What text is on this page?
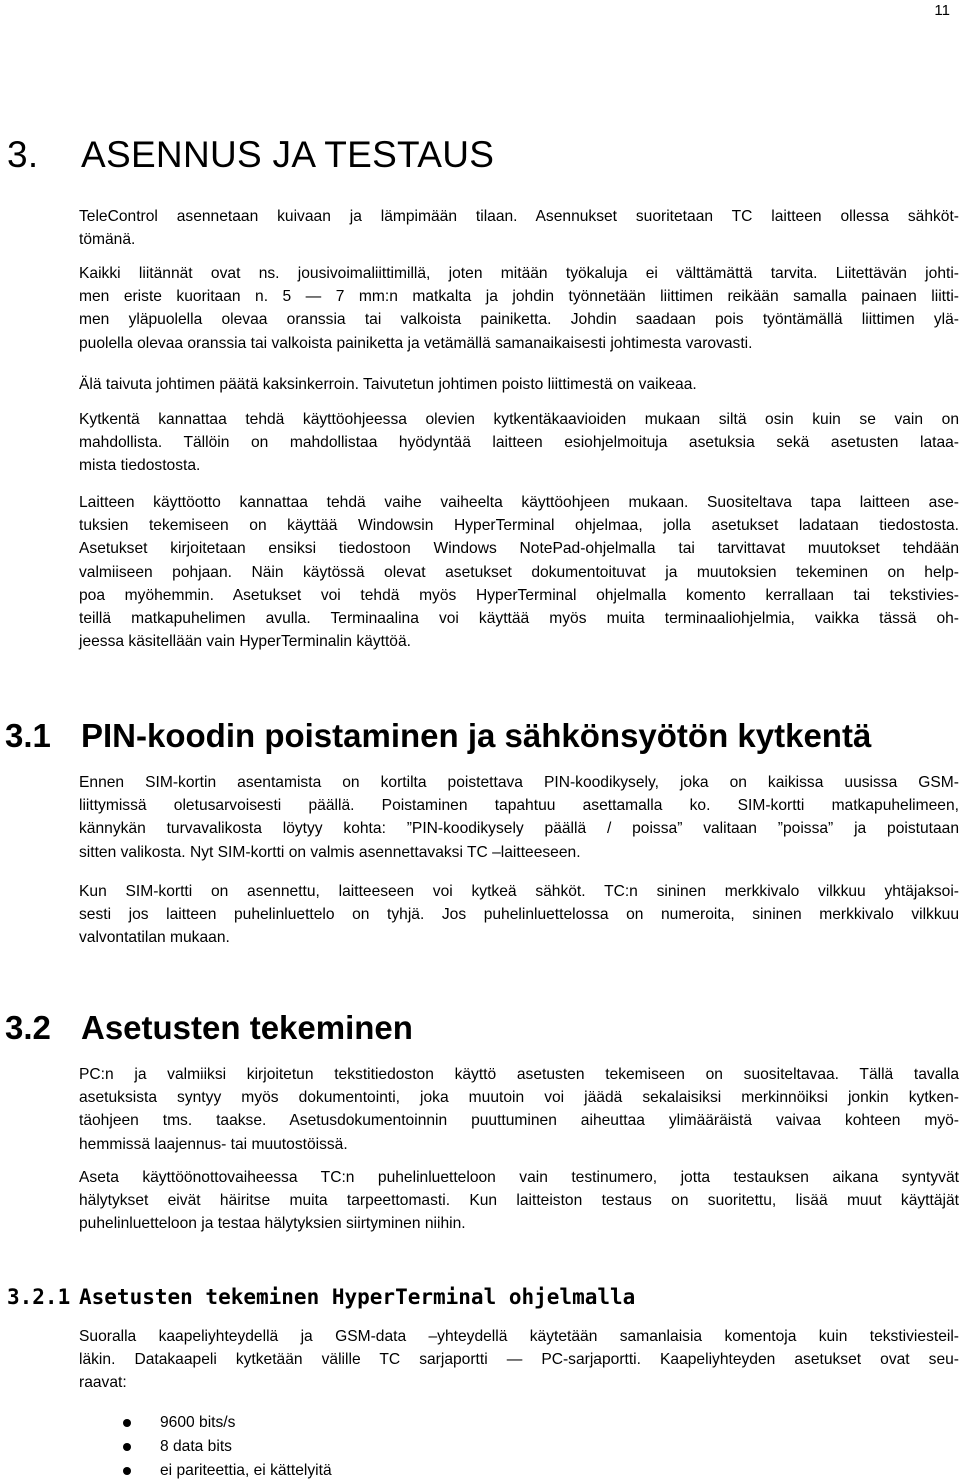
11
3. ASENNUS JA TESTAUS
TeleControl asennetaan kuivaan ja lämpimään tilaan. Asennukset suoritetaan TC laitteen ollessa sähköt-
tömänä.
Kaikki liitännät ovat ns. jousivoimaliittimillä, joten mitään työkaluja ei välttämättä tarvita. Liitettävän johti-
men eriste kuoritaan n. 5 — 7 mm:n matkalta ja johdin työnnetään liittimen reikään samalla painaen liitti-
men yläpuolella olevaa oranssia tai valkoista painiketta. Johdin saadaan pois työntämällä liittimen ylä-
puolella olevaa oranssia tai valkoista painiketta ja vetämällä samanaikaisesti johtimesta varovasti.
Älä taivuta johtimen päätä kaksinkerroin. Taivutetun johtimen poisto liittimestä on vaikeaa.
Kytkentä kannattaa tehdä käyttöohjeessa olevien kytkentäkaavioiden mukaan siltä osin kuin se vain on
mahdollista. Tällöin on mahdollistaa hyödyntää laitteen esiohjelmoituja asetuksia sekä asetusten lataa-
mista tiedostosta.
Laitteen käyttöotto kannattaa tehdä vaihe vaiheelta käyttöohjeen mukaan. Suositeltava tapa laitteen ase-
tuksien tekemiseen on käyttää Windowsin HyperTerminal ohjelmaa, jolla asetukset ladataan tiedostosta.
Asetukset kirjoitetaan ensiksi tiedostoon Windows NotePad-ohjelmalla tai tarvittavat muutokset tehdään
valmiiseen pohjaan. Näin käytössä olevat asetukset dokumentoituvat ja muutoksien tekeminen on help-
poa myöhemmin. Asetukset voi tehdä myös HyperTerminal ohjelmalla komento kerrallaan tai tekstivies-
teillä matkapuhelimen avulla. Terminaalina voi käyttää myös muita terminaaliohjelmia, vaikka tässä oh-
jeessa käsitellään vain HyperTerminalin käyttöä.
3.1 PIN-koodin poistaminen ja sähkönsyötön kytkentä
Ennen SIM-kortin asentamista on kortilta poistettava PIN-koodikysely, joka on kaikissa uusissa GSM-
liittymissä oletusarvoisesti päällä. Poistaminen tapahtuu asettamalla ko. SIM-kortti matkapuhelimeen,
kännykän turvavalikosta löytyy kohta: ”PIN-koodikysely päällä / poissa” valitaan ”poissa” ja poistutaan
sitten valikosta. Nyt SIM-kortti on valmis asennettavaksi TC –laitteeseen.
Kun SIM-kortti on asennettu, laitteeseen voi kytkeä sähköt. TC:n sininen merkkivalo vilkkuu yhtäjaksoi-
sesti jos laitteen puhelinluettelo on tyhjä. Jos puhelinluettelossa on numeroita, sininen merkkivalo vilkkuu
valvontatilan mukaan.
3.2 Asetusten tekeminen
PC:n ja valmiiksi kirjoitetun tekstitiedoston käyttö asetusten tekemiseen on suositeltavaa. Tällä tavalla
asetuksista syntyy myös dokumentointi, joka muutoin voi jäädä sekalaisiksi merkinnöiksi jonkin kytken-
täohjeen tms. taakse. Asetusdokumentoinnin puuttuminen aiheuttaa ylimääräistä vaivaa kohteen myö-
hemmissä laajennus- tai muutostöissä.
Aseta käyttöönottovaiheessa TC:n puhelinluetteloon vain testinumero, jotta testauksen aikana syntyvät
hälytykset eivät häiritse muita tarpeettomasti. Kun laitteiston testaus on suoritettu, lisää muut käyttäjät
puhelinluetteloon ja testaa hälytyksien siirtyminen niihin.
3.2.1 Asetusten tekeminen HyperTerminal ohjelmalla
Suoralla kaapeliyhteydellä ja GSM-data –yhteydellä käytetään samanlaisia komentoja kuin tekstiviesteil-
läkin. Datakaapeli kytketään välille TC sarjaportti — PC-sarjaportti. Kaapeliyhteyden asetukset ovat seu-
raavat:
9600 bits/s
8 data bits
ei pariteettia, ei kättelyitä
